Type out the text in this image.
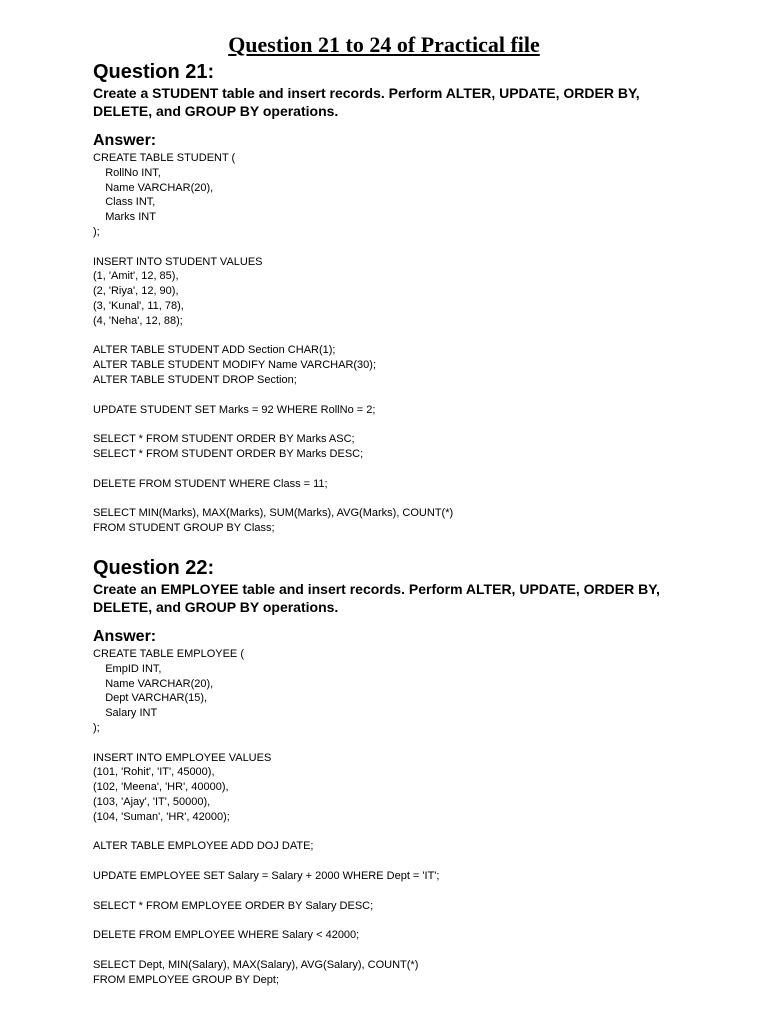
Question 21 to 24 of Practical file
Question 21:

Create a STUDENT table and insert records. Perform ALTER, UPDATE, ORDER BY, DELETE, and GROUP BY operations.

Answer:
CREATE TABLE STUDENT (
RollNo INT,
Name VARCHAR(20),
Class INT,
Marks INT
);

INSERT INTO STUDENT VALUES
(1, 'Amit', 12, 85),
(2, 'Riya', 12, 90),
(3, 'Kunal', 11, 78),
(4, 'Neha', 12, 88);

ALTER TABLE STUDENT ADD Section CHAR(1);
ALTER TABLE STUDENT MODIFY Name VARCHAR(30);
ALTER TABLE STUDENT DROP Section;

UPDATE STUDENT SET Marks = 92 WHERE RollNo = 2;

SELECT * FROM STUDENT ORDER BY Marks ASC;
SELECT * FROM STUDENT ORDER BY Marks DESC;

DELETE FROM STUDENT WHERE Class = 11;

SELECT MIN(Marks), MAX(Marks), SUM(Marks), AVG(Marks), COUNT(*)
FROM STUDENT GROUP BY Class;
Question 22:

Create an EMPLOYEE table and insert records. Perform ALTER, UPDATE, ORDER BY, DELETE, and GROUP BY operations.

Answer:
CREATE TABLE EMPLOYEE (
EmpID INT,
Name VARCHAR(20),
Dept VARCHAR(15),
Salary INT
);

INSERT INTO EMPLOYEE VALUES
(101, 'Rohit', 'IT', 45000),
(102, 'Meena', 'HR', 40000),
(103, 'Ajay', 'IT', 50000),
(104, 'Suman', 'HR', 42000);

ALTER TABLE EMPLOYEE ADD DOJ DATE;

UPDATE EMPLOYEE SET Salary = Salary + 2000 WHERE Dept = 'IT';

SELECT * FROM EMPLOYEE ORDER BY Salary DESC;

DELETE FROM EMPLOYEE WHERE Salary < 42000;

SELECT Dept, MIN(Salary), MAX(Salary), AVG(Salary), COUNT(*)
FROM EMPLOYEE GROUP BY Dept;
